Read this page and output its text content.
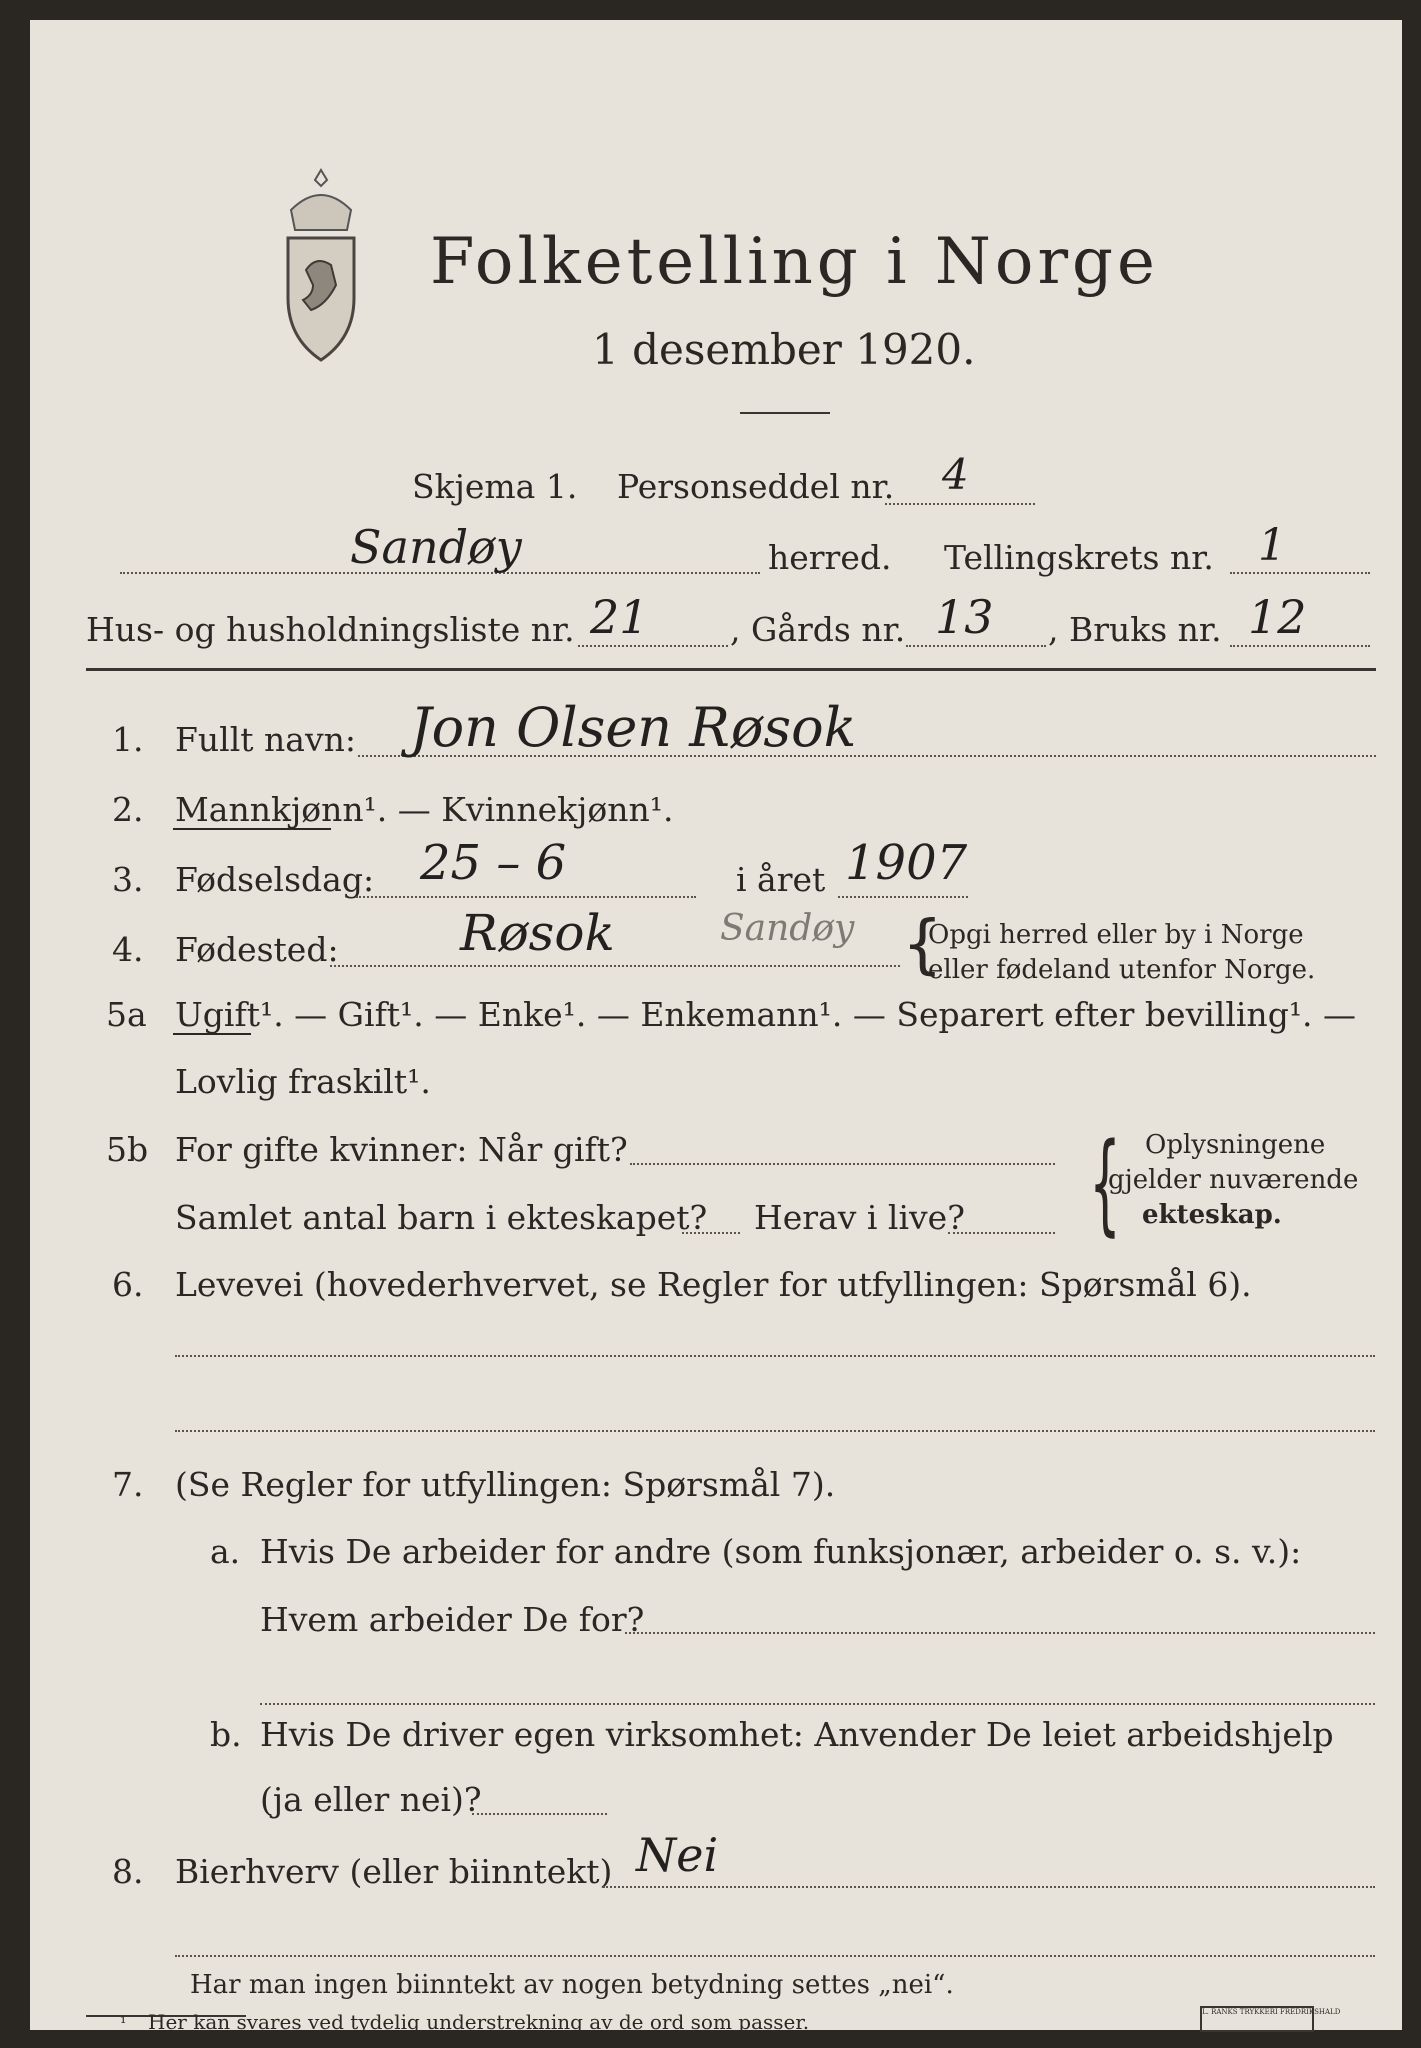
Folketelling i Norge
1 desember 1920.
Skjema 1. Personseddel nr. 4
Sandøy	herred. Tellingskrets nr. 1
Hus- og husholdningsliste nr. 21 , Gårds nr. 13 , Bruks nr. 12
1. Fullt navn: Jon Olsen Røsok
2. Mannkjønn¹. — Kvinnekjønn¹.
3. Fødselsdag: 25 – 6	i året 1907
4. Fødested: Røsok	Sandøy {
Opgi herred eller by i Norge
eller fødeland utenfor Norge.
5a Ugift¹. — Gift¹. — Enke¹. — Enkemann¹. — Separert efter bevilling¹. —
Lovlig fraskilt¹.
5b For gifte kvinner: Når gift?
Samlet antal barn i ekteskapet? Herav i live? { Oplysningene
gjelder nuværende
ekteskap.
6. Levevei (hovederhvervet, se Regler for utfyllingen: Spørsmål 6).
7. (Se Regler for utfyllingen: Spørsmål 7).
a. Hvis De arbeider for andre (som funksjonær, arbeider o. s. v.):
Hvem arbeider De for?
b. Hvis De driver egen virksomhet: Anvender De leiet arbeidshjelp
(ja eller nei)?
8. Bierhverv (eller biinntekt) Nei
Har man ingen biinntekt av nogen betydning settes „nei“.
¹ Her kan svares ved tydelig understrekning av de ord som passer.	L. RANKS TRYKKERI FREDRIKSHALD
